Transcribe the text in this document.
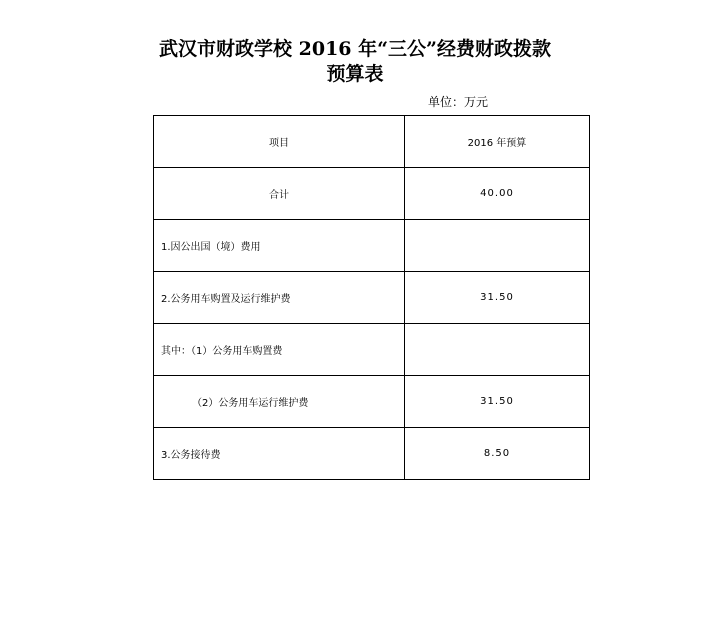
武汉市财政学校 2016 年“三公”经费财政拨款
预算表
单位：万元
项目	2016 年预算
合计	40.00
1.因公出国（境）费用	
2.公务用车购置及运行维护费	31.50
其中：（1）公务用车购置费	
（2）公务用车运行维护费	31.50
3.公务接待费	8.50
